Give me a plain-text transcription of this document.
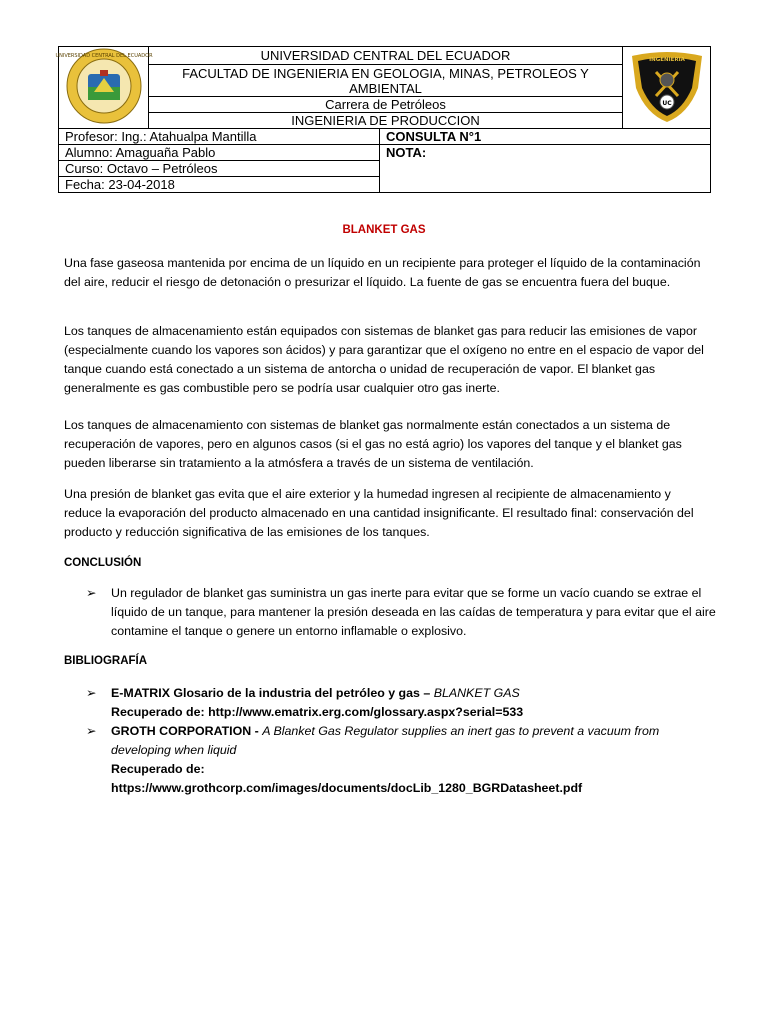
UNIVERSIDAD CENTRAL DEL ECUADOR	UNIVERSIDAD CENTRAL DEL ECUADOR		INGENIERIA
UC

	FACULTAD DE INGENIERIA EN GEOLOGIA, MINAS, PETROLEOS Y AMBIENTAL		
	Carrera de Petróleos		
	INGENIERIA DE PRODUCCION		
Profesor: Ing.: Atahualpa Mantilla		CONSULTA N°1	
Alumno: Amaguaña Pablo		NOTA:	
Curso: Octavo – Petróleos			
Fecha: 23-04-2018			
BLANKET GAS

Una fase gaseosa mantenida por encima de un líquido en un recipiente para proteger el líquido de la contaminación del aire, reducir el riesgo de detonación o presurizar el líquido. La fuente de gas se encuentra fuera del buque.

Los tanques de almacenamiento están equipados con sistemas de blanket gas para reducir las emisiones de vapor (especialmente cuando los vapores son ácidos) y para garantizar que el oxígeno no entre en el espacio de vapor del tanque cuando está conectado a un sistema de antorcha o unidad de recuperación de vapor. El blanket gas generalmente es gas combustible pero se podría usar cualquier otro gas inerte.

Los tanques de almacenamiento con sistemas de blanket gas normalmente están conectados a un sistema de recuperación de vapores, pero en algunos casos (si el gas no está agrio) los vapores del tanque y el blanket gas pueden liberarse sin tratamiento a la atmósfera a través de un sistema de ventilación.

Una presión de blanket gas evita que el aire exterior y la humedad ingresen al recipiente de almacenamiento y reduce la evaporación del producto almacenado en una cantidad insignificante. El resultado final: conservación del producto y reducción significativa de las emisiones de los tanques.

CONCLUSIÓN
➢ Un regulador de blanket gas suministra un gas inerte para evitar que se forme un vacío cuando se extrae el líquido de un tanque, para mantener la presión deseada en las caídas de temperatura y para evitar que el aire contamine el tanque o genere un entorno inflamable o explosivo.
BIBLIOGRAFÍA
➢ E-MATRIX Glosario de la industria del petróleo y gas – BLANKET GAS
Recuperado de: http://www.ematrix.erg.com/glossary.aspx?serial=533
➢ GROTH CORPORATION - A Blanket Gas Regulator supplies an inert gas to prevent a vacuum from developing when liquid
Recuperado de: https://www.grothcorp.com/images/documents/docLib_1280_BGRDatasheet.pdf
